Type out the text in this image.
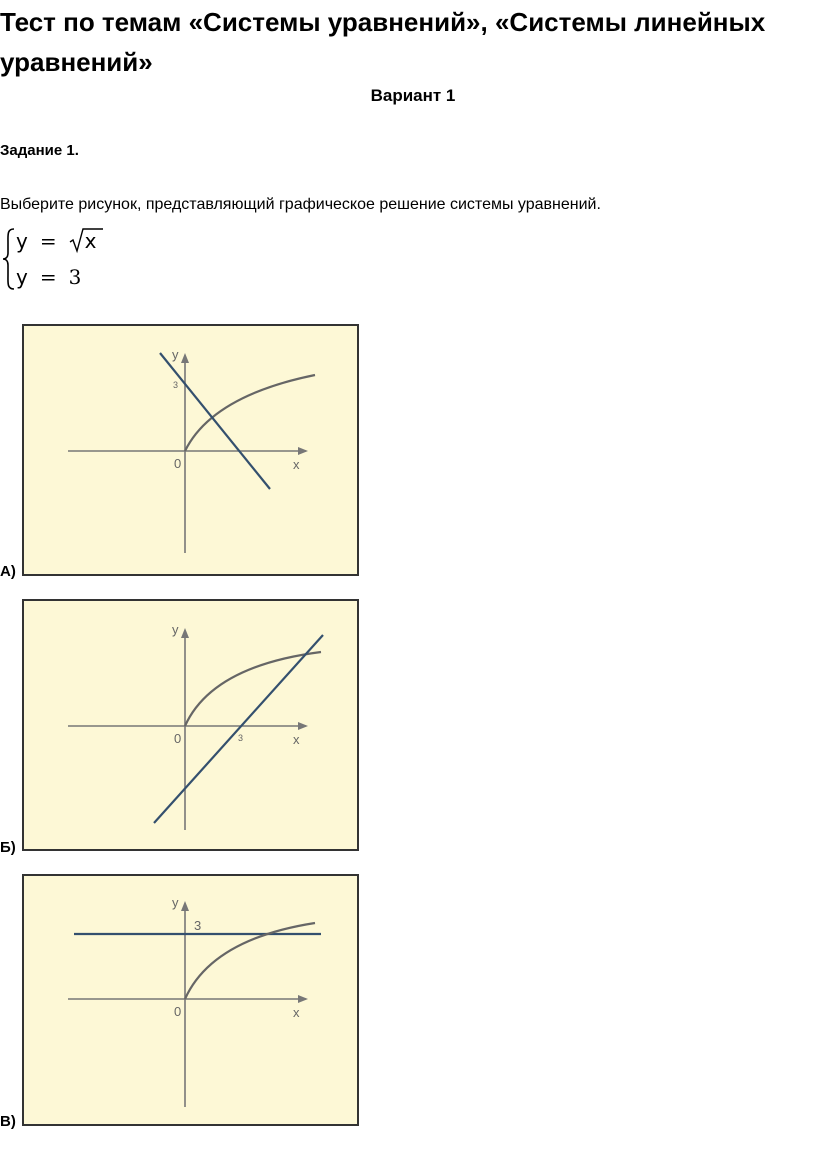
Тест по темам «Системы уравнений», «Системы линейных уравнений»
Вариант 1
Задание 1.
Выберите рисунок, представляющий графическое решение системы уравнений.
y = x
y = 3
А)
y
x
0
3
Б)
y
x
0	3
В)
y
x
0
3
